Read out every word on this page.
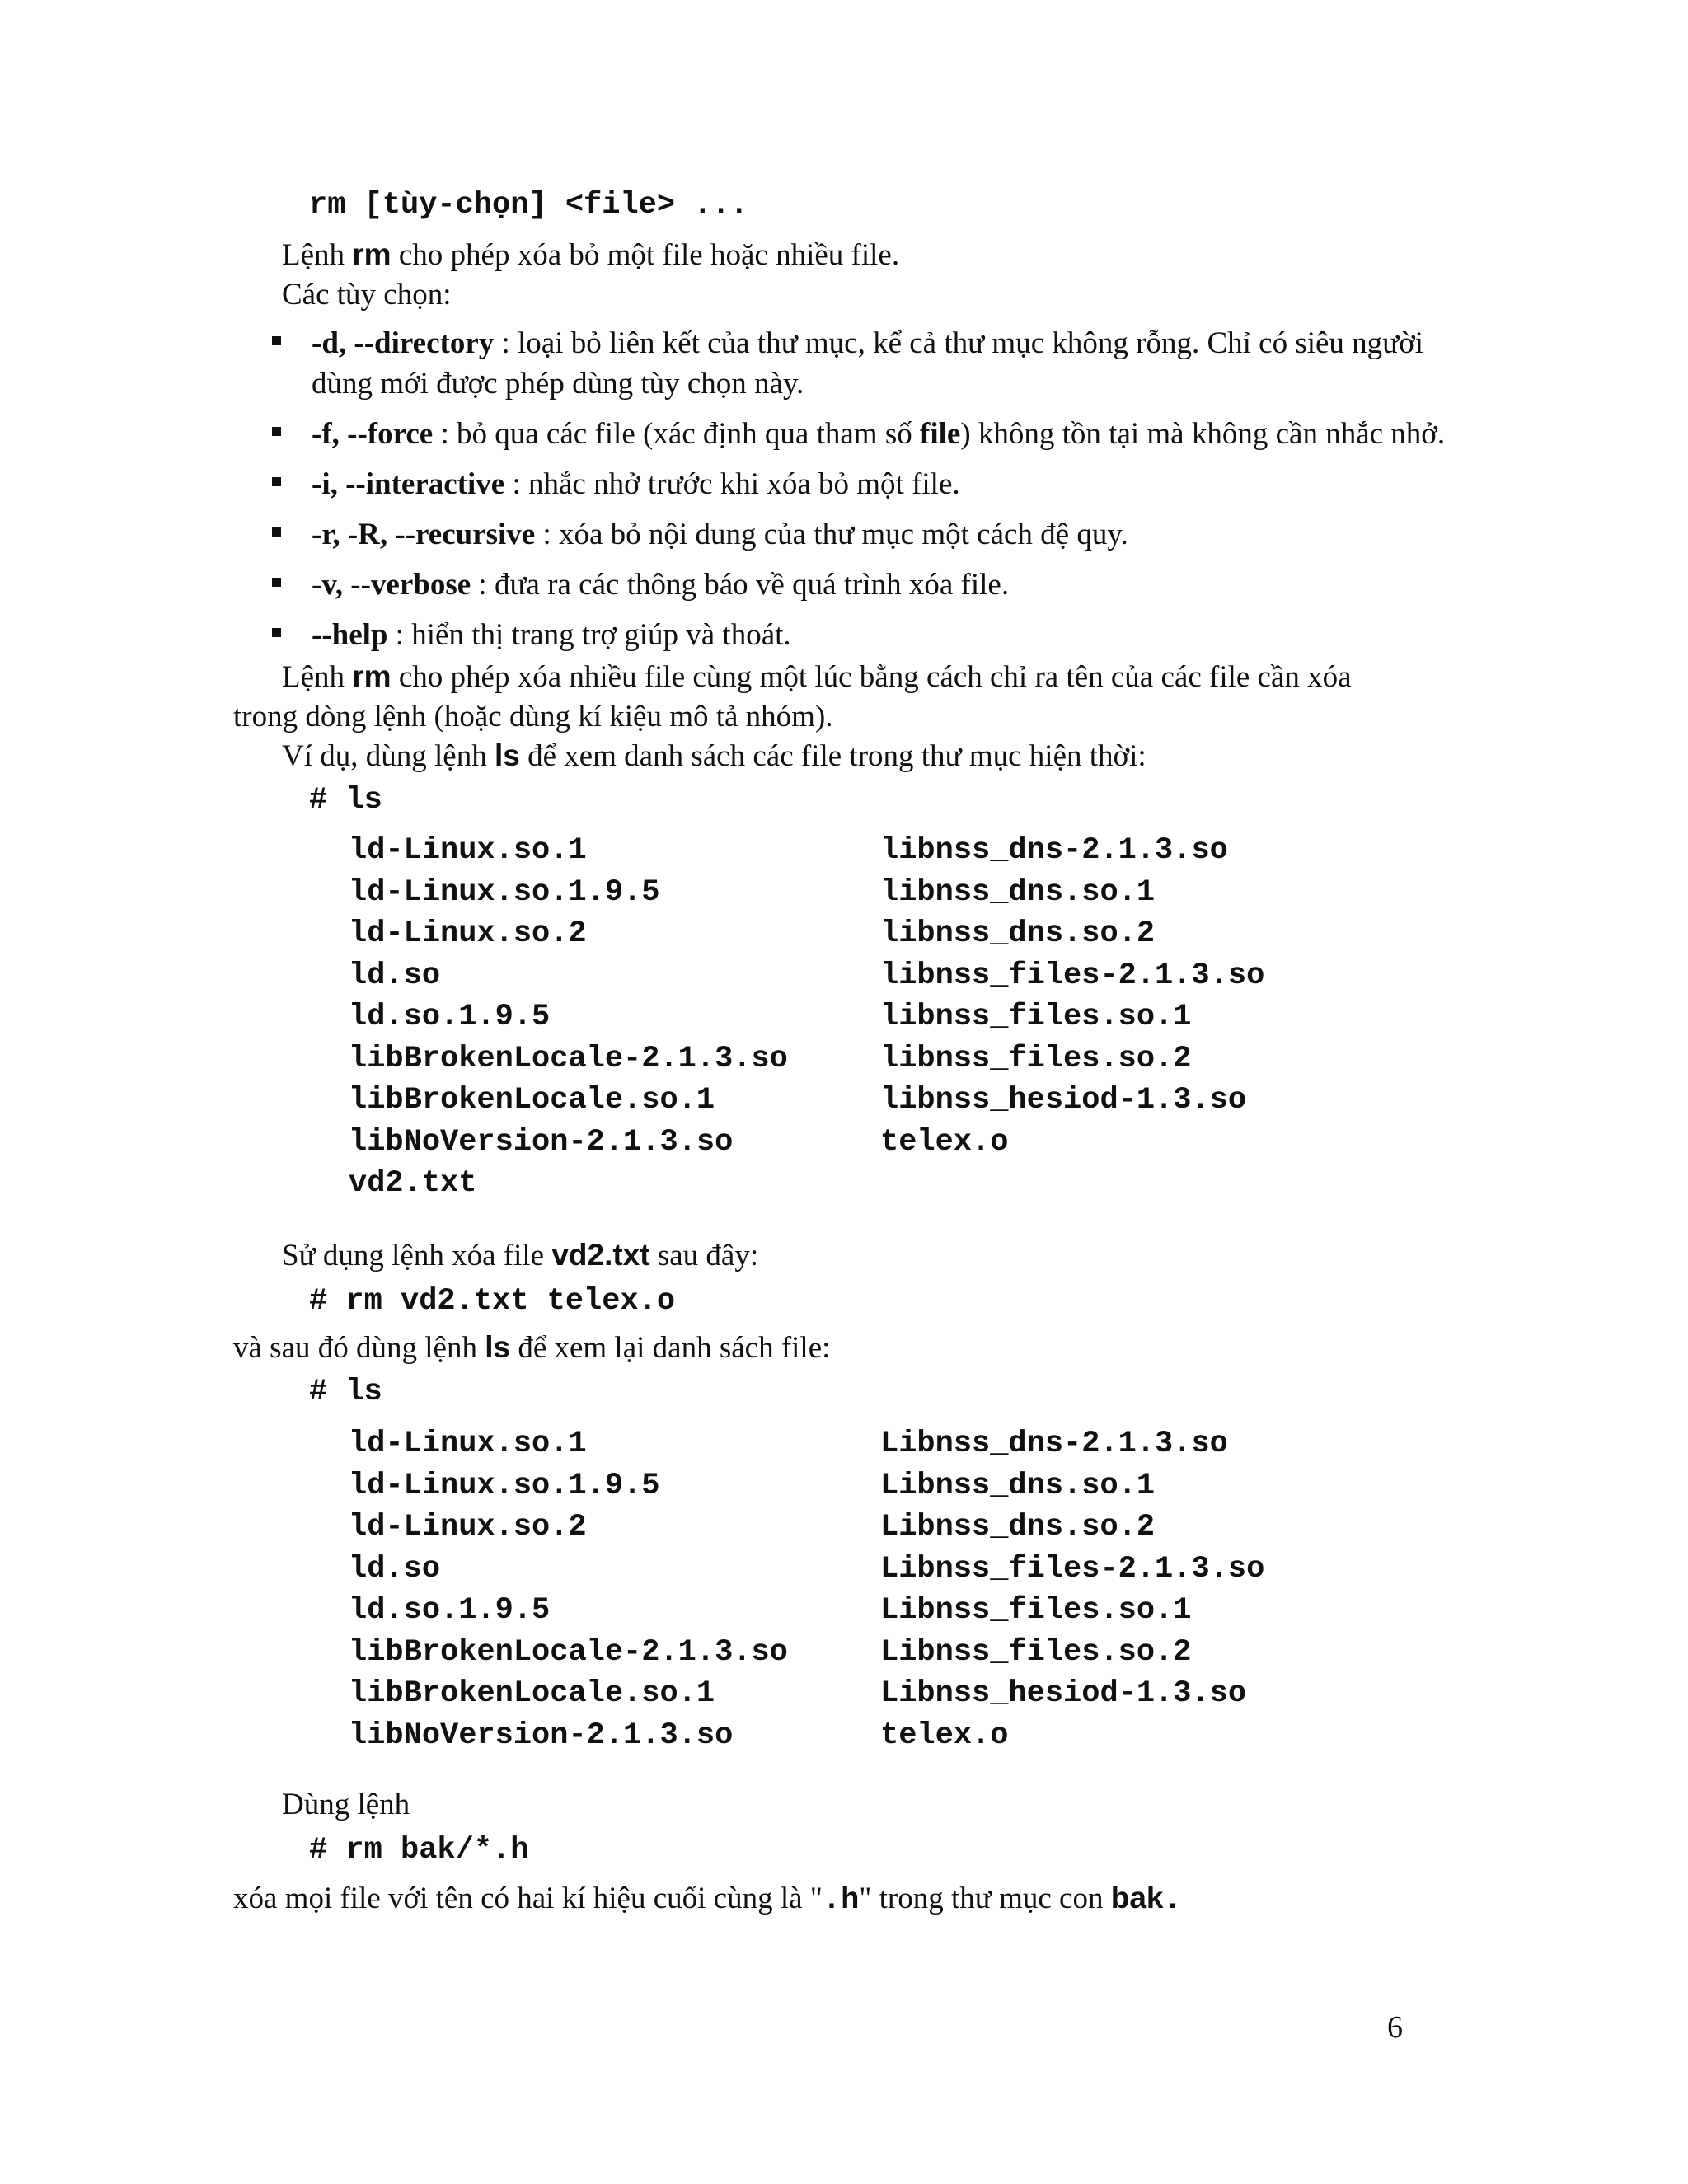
rm [tùy-chọn] <file> ...
Lệnh rm cho phép xóa bỏ một file hoặc nhiều file.
Các tùy chọn:
-d, --directory : loại bỏ liên kết của thư mục, kể cả thư mục không rỗng. Chỉ có siêu người dùng mới được phép dùng tùy chọn này.
-f, --force : bỏ qua các file (xác định qua tham số file) không tồn tại mà không cần nhắc nhở.
-i, --interactive : nhắc nhở trước khi xóa bỏ một file.
-r, -R, --recursive : xóa bỏ nội dung của thư mục một cách đệ quy.
-v, --verbose : đưa ra các thông báo về quá trình xóa file.
--help : hiển thị trang trợ giúp và thoát.
Lệnh rm cho phép xóa nhiều file cùng một lúc bằng cách chỉ ra tên của các file cần xóa
trong dòng lệnh (hoặc dùng kí kiệu mô tả nhóm).
Ví dụ, dùng lệnh ls để xem danh sách các file trong thư mục hiện thời:
# ls
ld-Linux.so.1
ld-Linux.so.1.9.5
ld-Linux.so.2
ld.so
ld.so.1.9.5
libBrokenLocale-2.1.3.so
libBrokenLocale.so.1
libNoVersion-2.1.3.so
vd2.txt
libnss_dns-2.1.3.so
libnss_dns.so.1
libnss_dns.so.2
libnss_files-2.1.3.so
libnss_files.so.1
libnss_files.so.2
libnss_hesiod-1.3.so
telex.o
Sử dụng lệnh xóa file vd2.txt sau đây:
# rm vd2.txt telex.o
và sau đó dùng lệnh ls để xem lại danh sách file:
# ls
ld-Linux.so.1
ld-Linux.so.1.9.5
ld-Linux.so.2
ld.so
ld.so.1.9.5
libBrokenLocale-2.1.3.so
libBrokenLocale.so.1
libNoVersion-2.1.3.so
Libnss_dns-2.1.3.so
Libnss_dns.so.1
Libnss_dns.so.2
Libnss_files-2.1.3.so
Libnss_files.so.1
Libnss_files.so.2
Libnss_hesiod-1.3.so
telex.o
Dùng lệnh
# rm bak/*.h
xóa mọi file với tên có hai kí hiệu cuối cùng là ".h" trong thư mục con bak.
6
